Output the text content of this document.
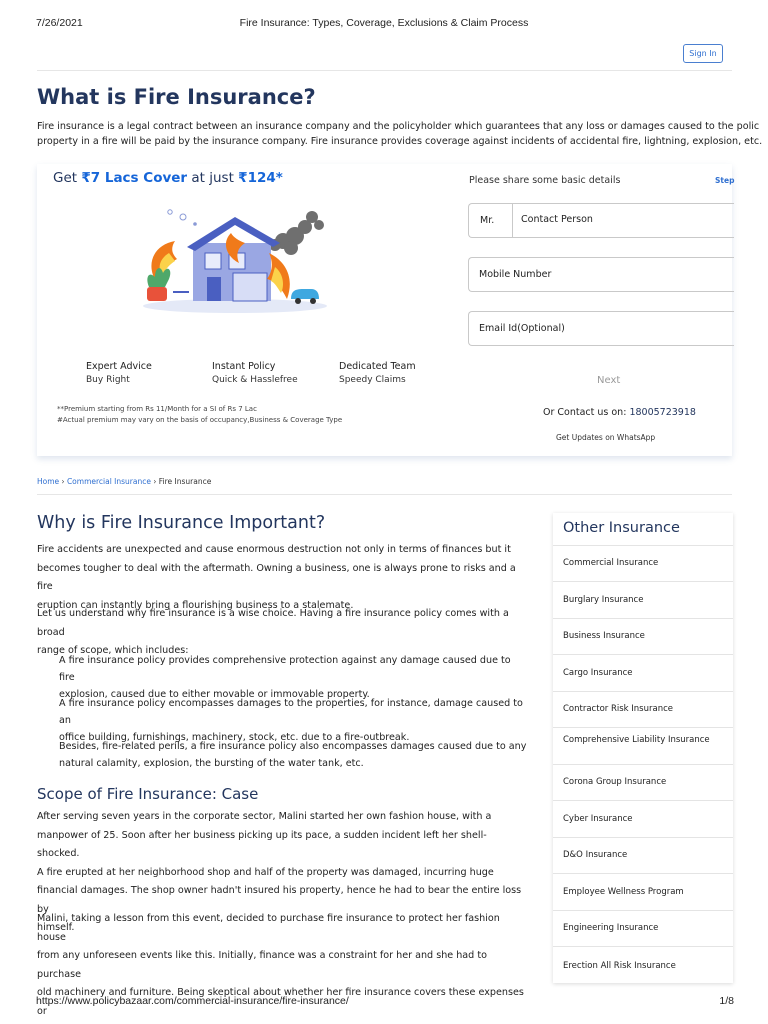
7/26/2021	Fire Insurance: Types, Coverage, Exclusions & Claim Process
Sign In
What is Fire Insurance?
Fire insurance is a legal contract between an insurance company and the policyholder which guarantees that any loss or damages caused to the polic
property in a fire will be paid by the insurance company. Fire insurance provides coverage against incidents of accidental fire, lightning, explosion, etc.
Get ₹7 Lacs Cover at just ₹124*
Expert Advice
Buy Right
Instant Policy
Quick & Hasslefree
Dedicated Team
Speedy Claims
**Premium starting from Rs 11/Month for a SI of Rs 7 Lac
#Actual premium may vary on the basis of occupancy,Business & Coverage Type
Please share some basic details	Step
Mr.	Contact Person
Mobile Number
Email Id(Optional)
Next
Or Contact us on: 18005723918
Get Updates on WhatsApp
Home › Commercial Insurance › Fire Insurance
Why is Fire Insurance Important?
Fire accidents are unexpected and cause enormous destruction not only in terms of finances but it
becomes tougher to deal with the aftermath. Owning a business, one is always prone to risks and a fire
eruption can instantly bring a flourishing business to a stalemate.
Let us understand why fire insurance is a wise choice. Having a fire insurance policy comes with a broad
range of scope, which includes:
A fire insurance policy provides comprehensive protection against any damage caused due to fire
explosion, caused due to either movable or immovable property.
A fire insurance policy encompasses damages to the properties, for instance, damage caused to an
office building, furnishings, machinery, stock, etc. due to a fire-outbreak.
Besides, fire-related perils, a fire insurance policy also encompasses damages caused due to any
natural calamity, explosion, the bursting of the water tank, etc.
Scope of Fire Insurance: Case
After serving seven years in the corporate sector, Malini started her own fashion house, with a
manpower of 25. Soon after her business picking up its pace, a sudden incident left her shell-shocked.
A fire erupted at her neighborhood shop and half of the property was damaged, incurring huge
financial damages. The shop owner hadn't insured his property, hence he had to bear the entire loss by
himself.
Malini, taking a lesson from this event, decided to purchase fire insurance to protect her fashion house
from any unforeseen events like this. Initially, finance was a constraint for her and she had to purchase
old machinery and furniture. Being skeptical about whether her fire insurance covers these expenses or
Other Insurance
Commercial Insurance
Burglary Insurance
Business Insurance
Cargo Insurance
Contractor Risk Insurance
Comprehensive Liability Insurance
Corona Group Insurance
Cyber Insurance
D&O Insurance
Employee Wellness Program
Engineering Insurance
Erection All Risk Insurance
https://www.policybazaar.com/commercial-insurance/fire-insurance/	1/8
